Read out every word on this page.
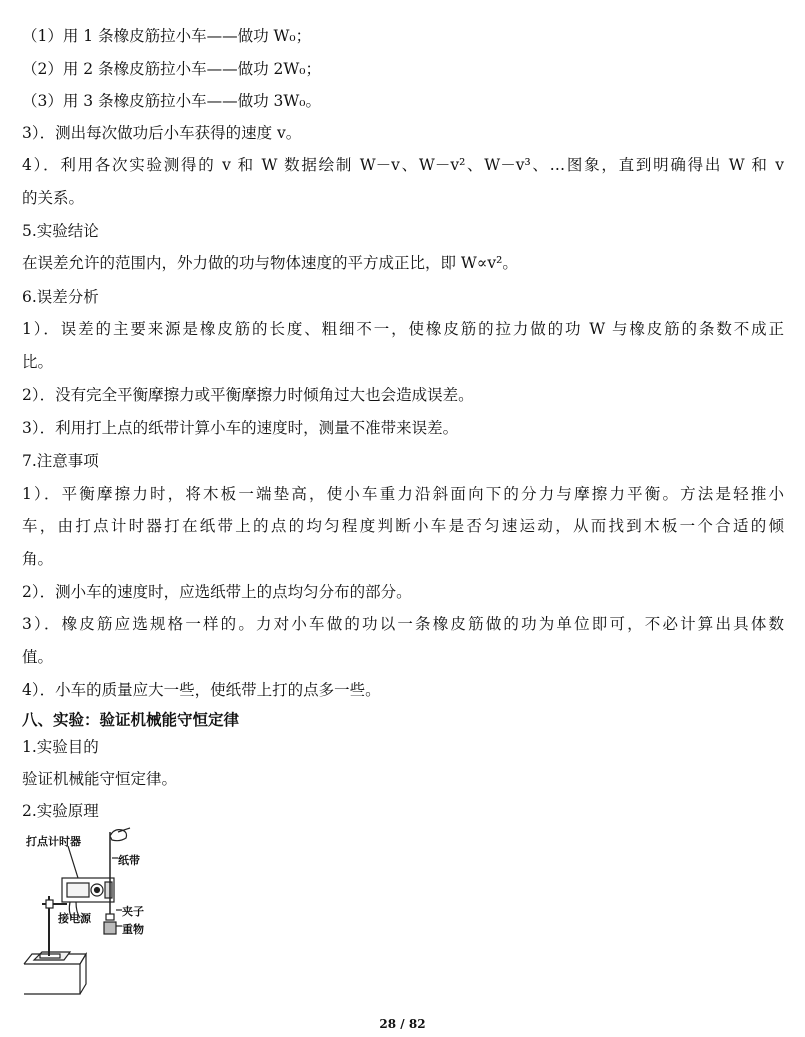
（1）用 1 条橡皮筋拉小车——做功 W₀；
（2）用 2 条橡皮筋拉小车——做功 2W₀；
（3）用 3 条橡皮筋拉小车——做功 3W₀。
3）．测出每次做功后小车获得的速度 v。
4）．利用各次实验测得的 v 和 W 数据绘制 W－v、W－v²、W－v³、…图象，直到明确得出 W 和 v
的关系。
5.实验结论
在误差允许的范围内，外力做的功与物体速度的平方成正比，即 W∝v²。
6.误差分析
1）．误差的主要来源是橡皮筋的长度、粗细不一，使橡皮筋的拉力做的功 W 与橡皮筋的条数不成正
比。
2）．没有完全平衡摩擦力或平衡摩擦力时倾角过大也会造成误差。
3）．利用打上点的纸带计算小车的速度时，测量不准带来误差。
7.注意事项
1）．平衡摩擦力时，将木板一端垫高，使小车重力沿斜面向下的分力与摩擦力平衡。方法是轻推小
车，由打点计时器打在纸带上的点的均匀程度判断小车是否匀速运动，从而找到木板一个合适的倾
角。
2）．测小车的速度时，应选纸带上的点均匀分布的部分。
3）．橡皮筋应选规格一样的。力对小车做的功以一条橡皮筋做的功为单位即可，不必计算出具体数
值。
4）．小车的质量应大一些，使纸带上打的点多一些。
八、实验：验证机械能守恒定律
1.实验目的
验证机械能守恒定律。
2.实验原理
打点计时器
纸带
接电源
夹子
重物
28 / 82
